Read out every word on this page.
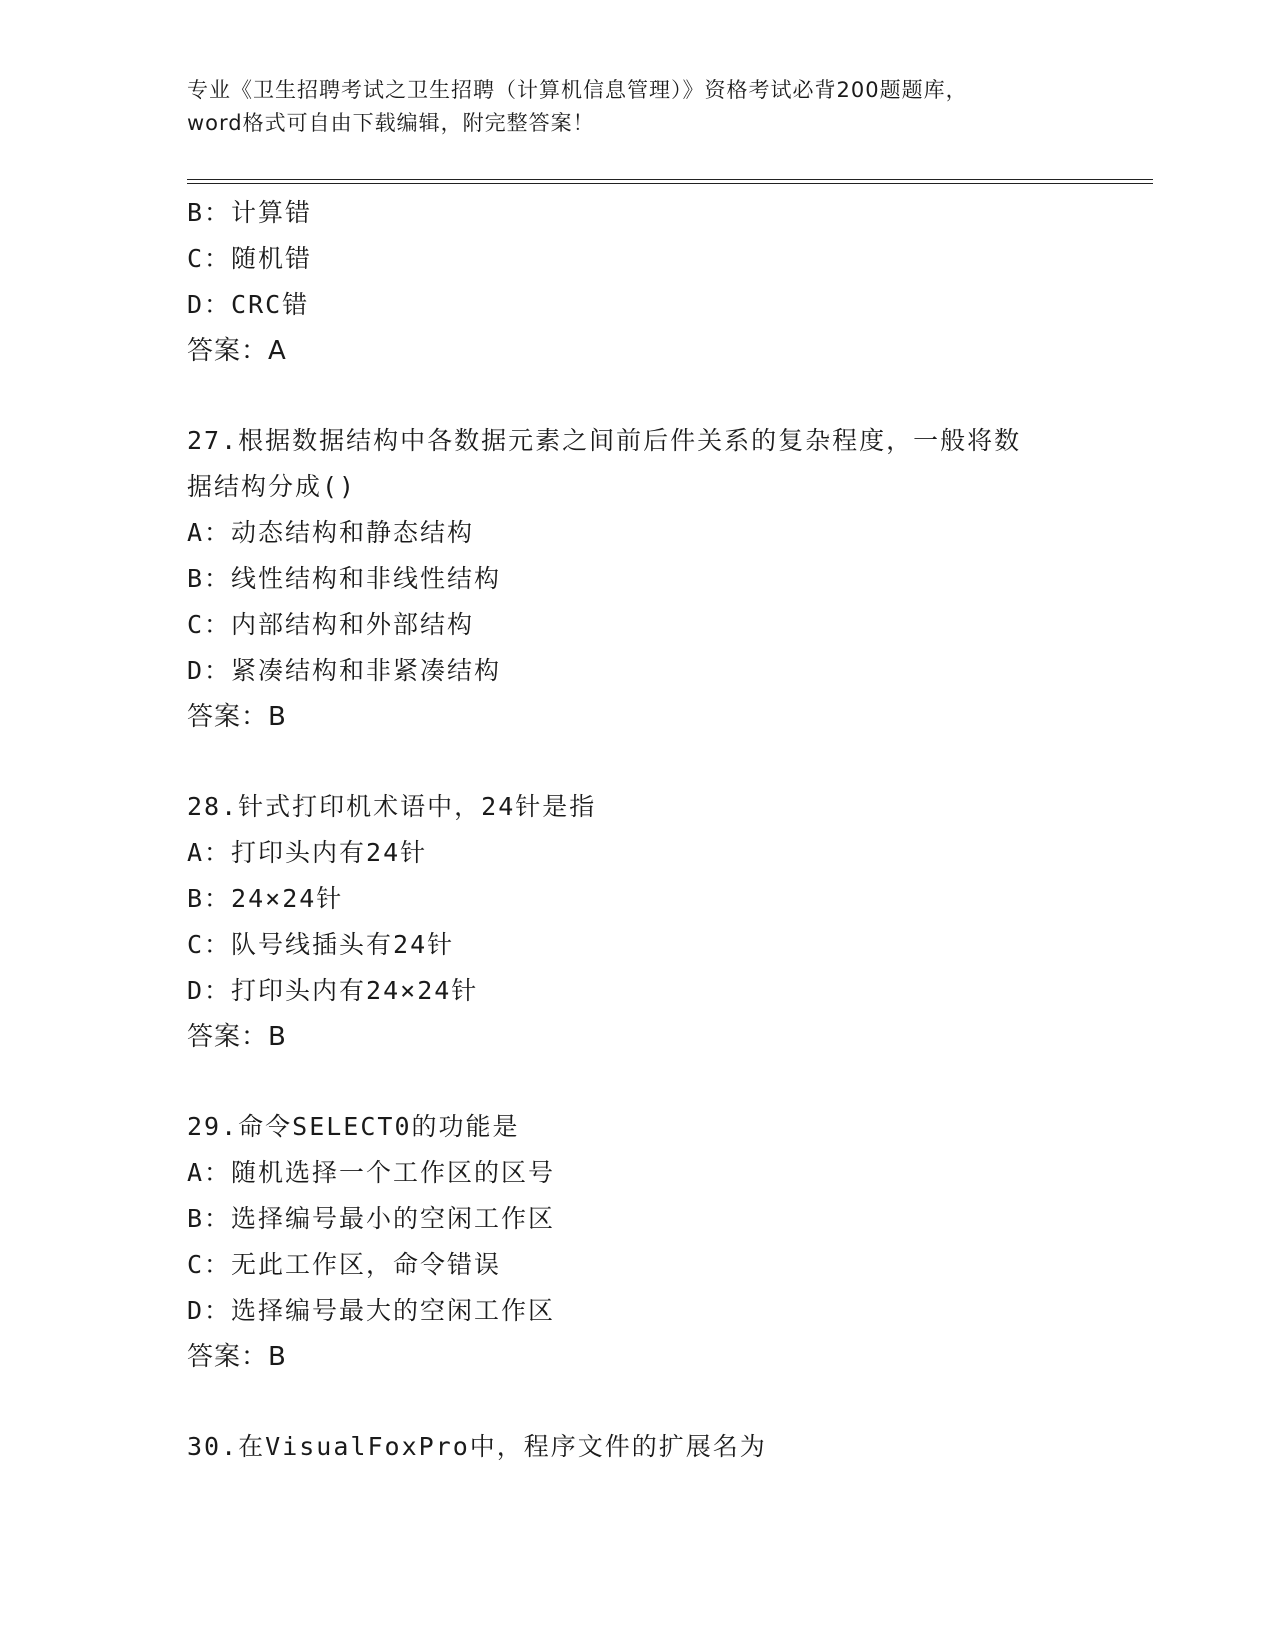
专业《卫生招聘考试之卫生招聘（计算机信息管理）》资格考试必背200题题库，
word格式可自由下载编辑，附完整答案！
B：计算错
C：随机错
D：CRC错
答案：A
27.根据数据结构中各数据元素之间前后件关系的复杂程度，一般将数
据结构分成()
A：动态结构和静态结构
B：线性结构和非线性结构
C：内部结构和外部结构
D：紧凑结构和非紧凑结构
答案：B
28.针式打印机术语中，24针是指
A：打印头内有24针
B：24×24针
C：队号线插头有24针
D：打印头内有24×24针
答案：B
29.命令SELECT0的功能是
A：随机选择一个工作区的区号
B：选择编号最小的空闲工作区
C：无此工作区，命令错误
D：选择编号最大的空闲工作区
答案：B
30.在VisualFoxPro中，程序文件的扩展名为
